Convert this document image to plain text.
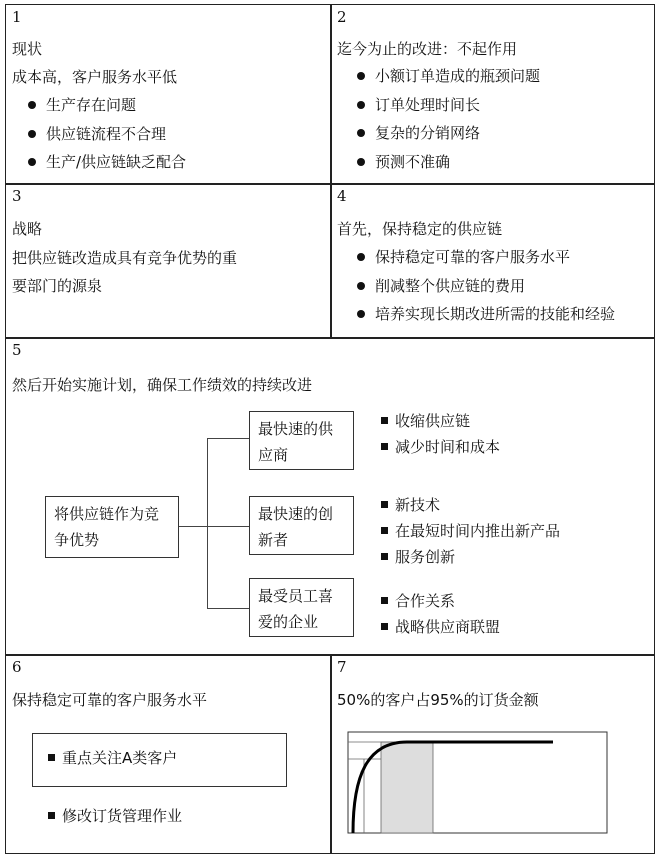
1
现状
成本高，客户服务水平低
生产存在问题
供应链流程不合理
生产/供应链缺乏配合
2
迄今为止的改进：不起作用
小额订单造成的瓶颈问题
订单处理时间长
复杂的分销网络
预测不准确
3
战略
把供应链改造成具有竞争优势的重
要部门的源泉
4
首先，保持稳定的供应链
保持稳定可靠的客户服务水平
削减整个供应链的费用
培养实现长期改进所需的技能和经验
5
然后开始实施计划，确保工作绩效的持续改进
将供应链作为竞
争优势
最快速的供
应商
最快速的创
新者
最受员工喜
爱的企业
收缩供应链
减少时间和成本
新技术
在最短时间内推出新产品
服务创新
合作关系
战略供应商联盟
6
保持稳定可靠的客户服务水平
重点关注A类客户
修改订货管理作业
7
50%的客户占95%的订货金额
